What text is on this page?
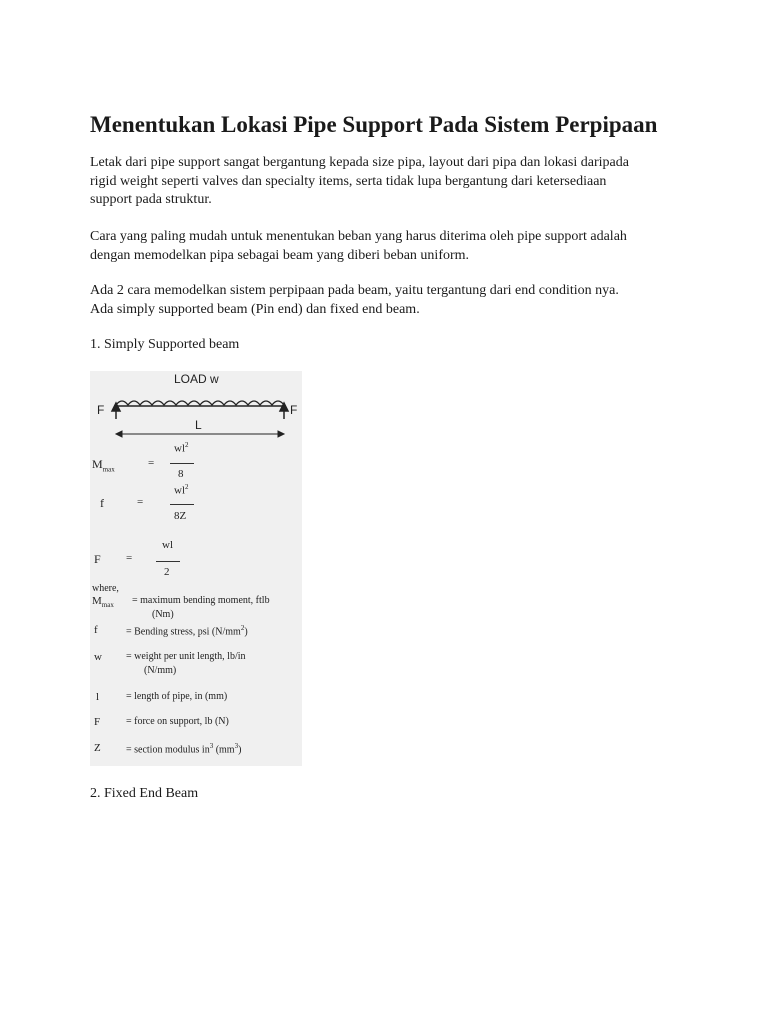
Menentukan Lokasi Pipe Support Pada Sistem Perpipaan

Letak dari pipe support sangat bergantung kepada size pipa, layout dari pipa dan lokasi daripada
rigid weight seperti valves dan specialty items, serta tidak lupa bergantung dari ketersediaan
support pada struktur.

Cara yang paling mudah untuk menentukan beban yang harus diterima oleh pipe support adalah
dengan memodelkan pipa sebagai beam yang diberi beban uniform.

Ada 2 cara memodelkan sistem perpipaan pada beam, yaitu tergantung dari end condition nya.
Ada simply supported beam (Pin end) dan fixed end beam.

1. Simply Supported beam

2. Fixed End Beam

LOAD w
F	F
L
$M_{max}$
=
$wl^2$
8
f	=
$wl^2$
8Z
F =
wl
2
where,
$M_{max}$ = maximum bending moment, ftlb
(Nm)
f	= Bending stress, psi $(N/mm^2)$
w = weight per unit length, lb/in
(N/mm)
l	= length of pipe, in (mm)
F	= force on support, lb (N)
Z	= section modulus $in^3$ $(mm^3)$
